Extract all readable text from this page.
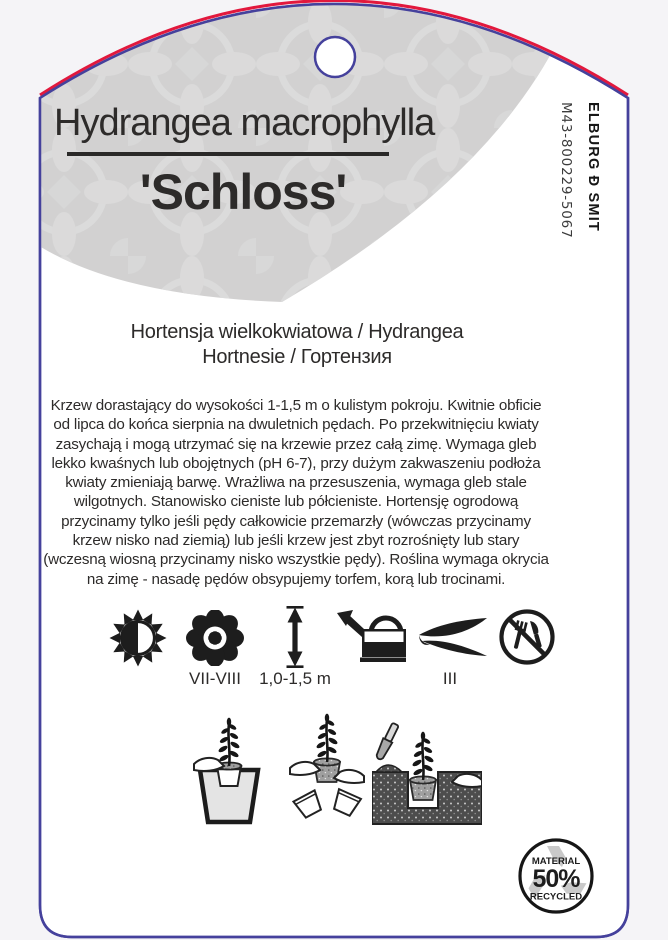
Hydrangea macrophylla
'Schloss'	ELBURG Ð SMIT
M43-800229-5067
Hortensja wielkokwiatowa / Hydrangea
Hortnesie / Гортензия
Krzew dorastający do wysokości 1-1,5 m o kulistym pokroju. Kwitnie obficie od lipca do końca sierpnia na dwuletnich pędach. Po przekwitnięciu kwiaty zasychają i mogą utrzymać się na krzewie przez całą zimę. Wymaga gleb lekko kwaśnych lub obojętnych (pH 6-7), przy dużym zakwaszeniu podłoża kwiaty zmieniają barwę. Wrażliwa na przesuszenia, wymaga gleb stale wilgotnych. Stanowisko cieniste lub półcieniste. Hortensję ogrodową przycinamy tylko jeśli pędy całkowicie przemarzły (wówczas przycinamy krzew nisko nad ziemią) lub jeśli krzew jest zbyt rozrośnięty lub stary (wczesną wiosną przycinamy nisko wszystkie pędy). Roślina wymaga okrycia na zimę - nasadę pędów obsypujemy torfem, korą lub trocinami.
VII-VIII	1,0-1,5 m	III
MATERIAL
50%
RECYCLED
